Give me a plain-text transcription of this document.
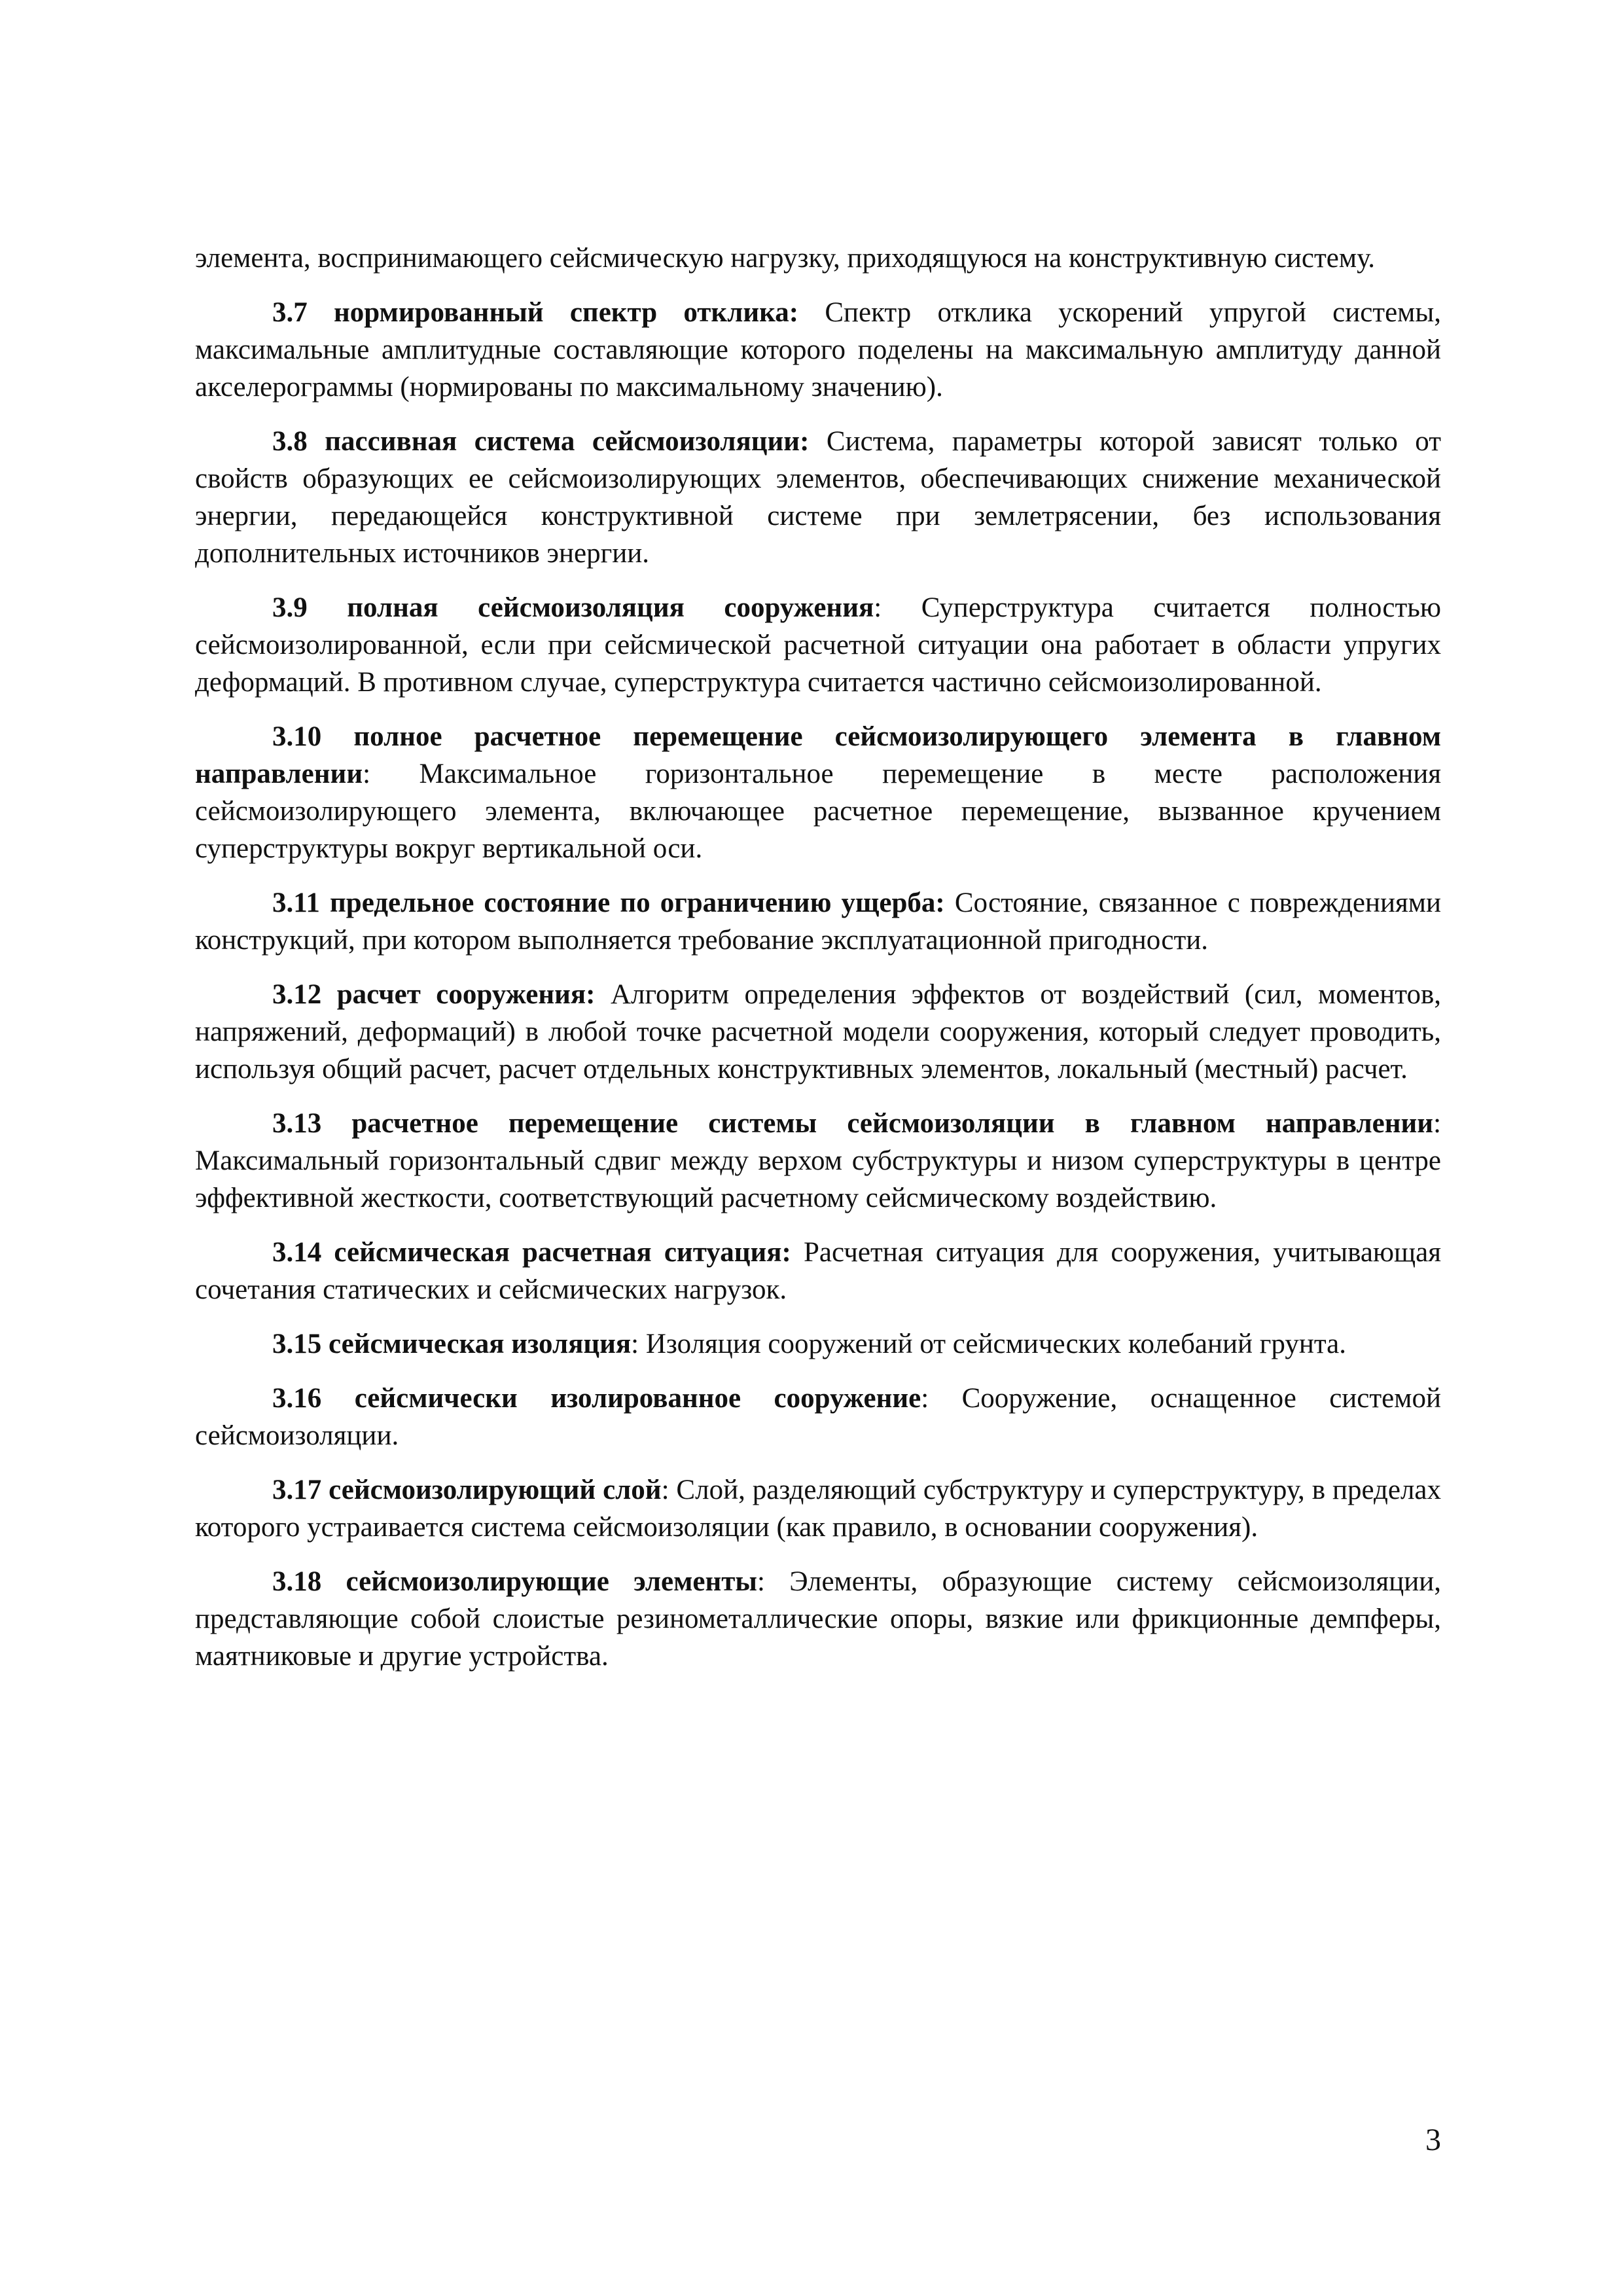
элемента, воспринимающего сейсмическую нагрузку, приходящуюся на конструктивную систему.

3.7 нормированный спектр отклика: Спектр отклика ускорений упругой системы, максимальные амплитудные составляющие которого поделены на максимальную амплитуду данной акселерограммы (нормированы по максимальному значению).

3.8 пассивная система сейсмоизоляции: Система, параметры которой зависят только от свойств образующих ее сейсмоизолирующих элементов, обеспечивающих снижение механической энергии, передающейся конструктивной системе при землетрясении, без использования дополнительных источников энергии.

3.9 полная сейсмоизоляция сооружения: Суперструктура считается полностью сейсмоизолированной, если при сейсмической расчетной ситуации она работает в области упругих деформаций. В противном случае, суперструктура считается частично сейсмоизолированной.

3.10 полное расчетное перемещение сейсмоизолирующего элемента в главном направлении: Максимальное горизонтальное перемещение в месте расположения сейсмоизолирующего элемента, включающее расчетное перемещение, вызванное кручением суперструктуры вокруг вертикальной оси.

3.11 предельное состояние по ограничению ущерба: Состояние, связанное с повреждениями конструкций, при котором выполняется требование эксплуатационной пригодности.

3.12 расчет сооружения: Алгоритм определения эффектов от воздействий (сил, моментов, напряжений, деформаций) в любой точке расчетной модели сооружения, который следует проводить, используя общий расчет, расчет отдельных конструктивных элементов, локальный (местный) расчет.

3.13 расчетное перемещение системы сейсмоизоляции в главном направлении: Максимальный горизонтальный сдвиг между верхом субструктуры и низом суперструктуры в центре эффективной жесткости, соответствующий расчетному сейсмическому воздействию.

3.14 сейсмическая расчетная ситуация: Расчетная ситуация для сооружения, учитывающая сочетания статических и сейсмических нагрузок.

3.15 сейсмическая изоляция: Изоляция сооружений от сейсмических колебаний грунта.

3.16 сейсмически изолированное сооружение: Сооружение, оснащенное системой сейсмоизоляции.

3.17 сейсмоизолирующий слой: Слой, разделяющий субструктуру и суперструктуру, в пределах которого устраивается система сейсмоизоляции (как правило, в основании сооружения).

3.18 сейсмоизолирующие элементы: Элементы, образующие систему сейсмоизоляции, представляющие собой слоистые резинометаллические опоры, вязкие или фрикционные демпферы, маятниковые и другие устройства.

3
